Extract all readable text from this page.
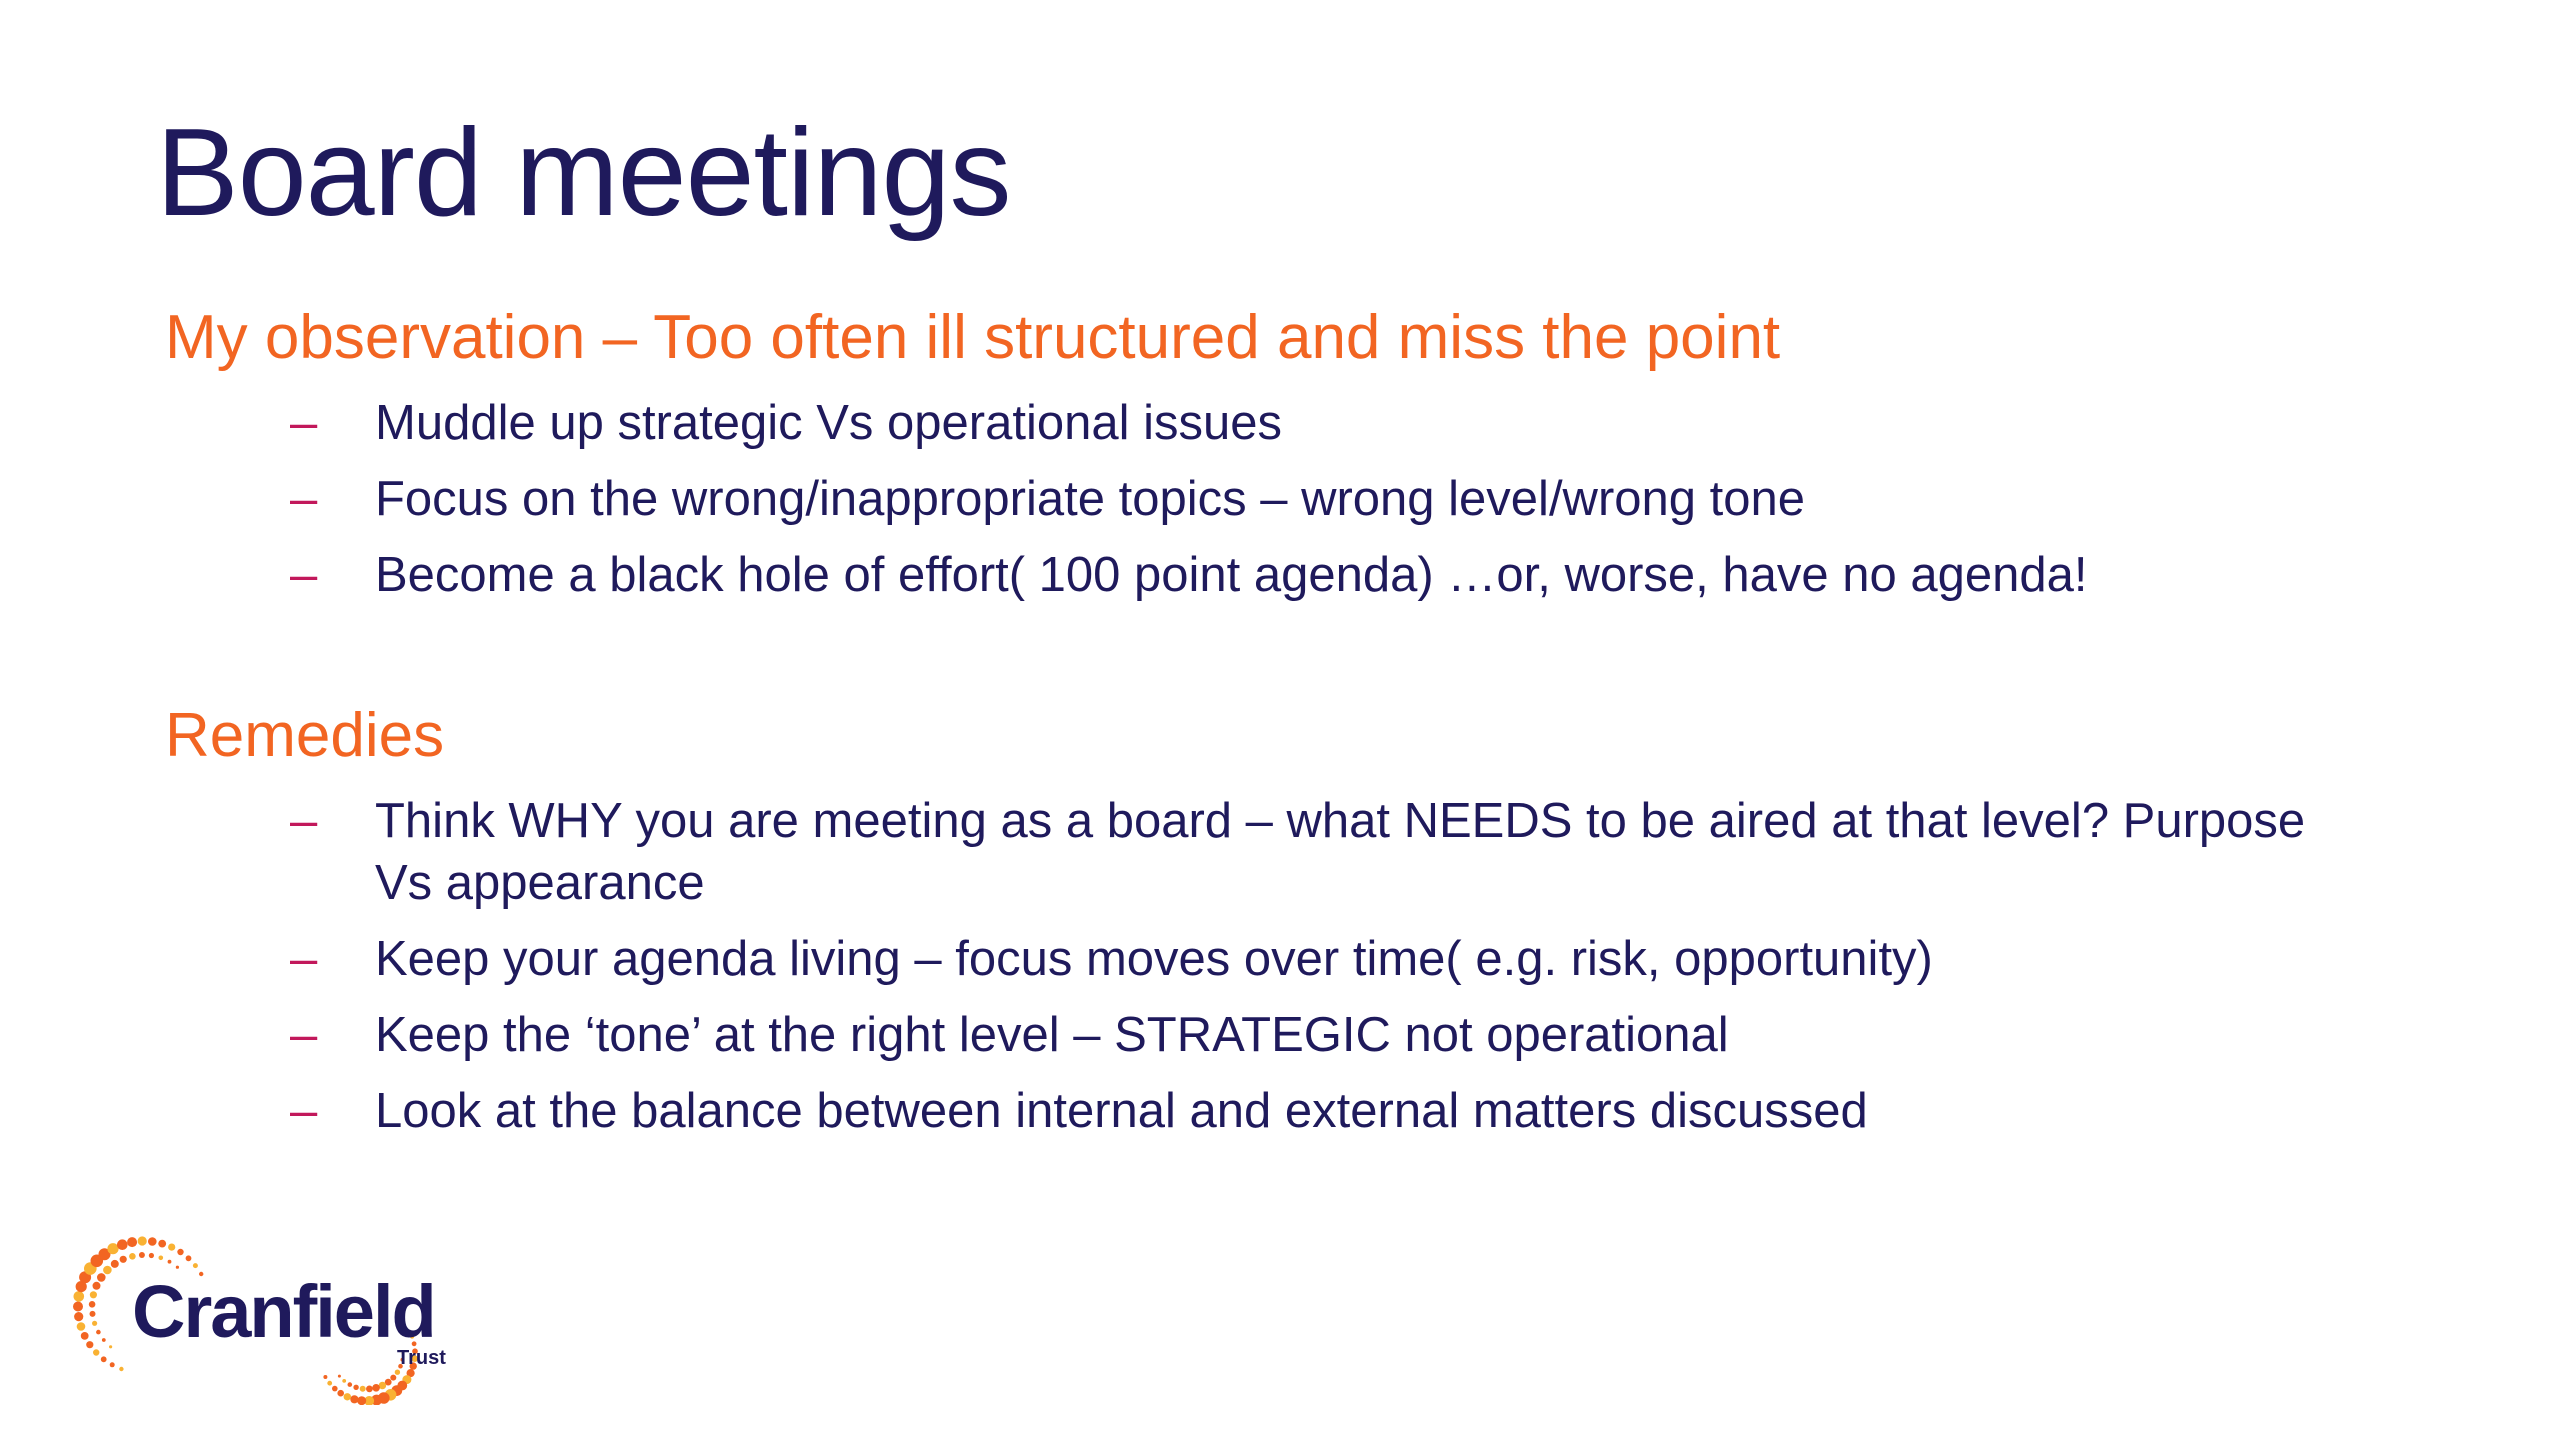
Board meetings
My observation – Too often ill structured and miss the point
–	Muddle up strategic Vs operational issues
–	Focus on the wrong/inappropriate topics – wrong level/wrong tone
–	Become a black hole of effort( 100 point agenda) …or, worse, have no agenda!
Remedies
–	Think WHY you are meeting as a board – what NEEDS to be aired at that level? Purpose Vs appearance
–	Keep your agenda living – focus moves over time( e.g. risk, opportunity)
–	Keep the ‘tone’ at the right level – STRATEGIC not operational
–	Look at the balance between internal and external matters discussed
Cranfield
Trust
